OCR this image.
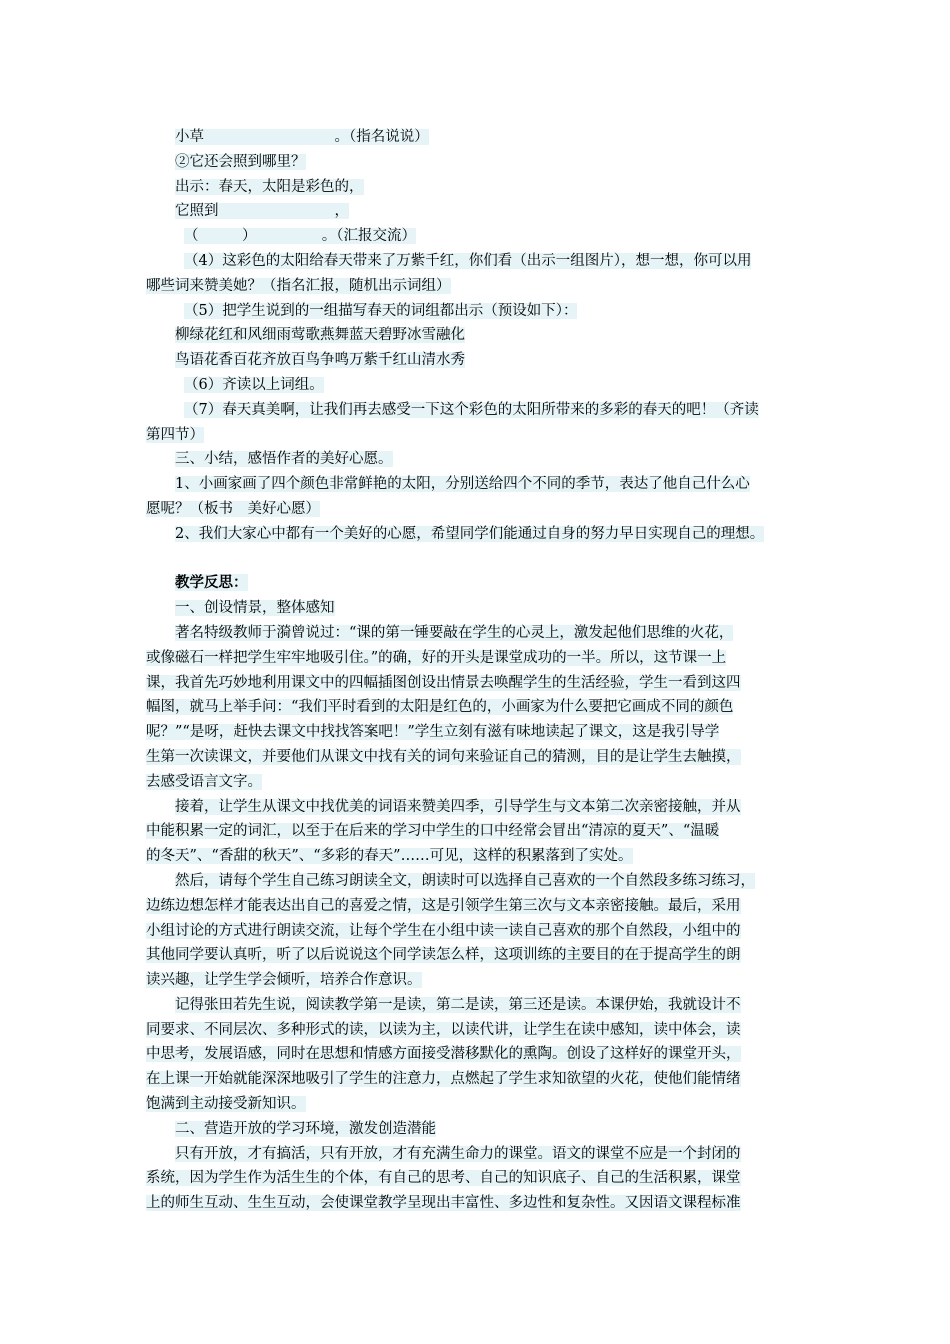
小草　　　　　　　　　。（指名说说）
②它还会照到哪里？
出示：春天，太阳是彩色的，
它照到　　　　　　　　，
（　　　）　　　　　。（汇报交流）
（4）这彩色的太阳给春天带来了万紫千红，你们看（出示一组图片），想一想，你可以用
哪些词来赞美她？（指名汇报，随机出示词组）
（5）把学生说到的一组描写春天的词组都出示（预设如下）：
柳绿花红和风细雨莺歌燕舞蓝天碧野冰雪融化
鸟语花香百花齐放百鸟争鸣万紫千红山清水秀
（6）齐读以上词组。
（7）春天真美啊，让我们再去感受一下这个彩色的太阳所带来的多彩的春天的吧！（齐读
第四节）
三、小结，感悟作者的美好心愿。
1、小画家画了四个颜色非常鲜艳的太阳，分别送给四个不同的季节，表达了他自己什么心
愿呢？（板书　美好心愿）
2、我们大家心中都有一个美好的心愿，希望同学们能通过自身的努力早日实现自己的理想。
教学反思：
一、创设情景，整体感知
著名特级教师于漪曾说过：“课的第一锤要敲在学生的心灵上，激发起他们思维的火花，
或像磁石一样把学生牢牢地吸引住。”的确，好的开头是课堂成功的一半。所以，这节课一上
课，我首先巧妙地利用课文中的四幅插图创设出情景去唤醒学生的生活经验，学生一看到这四
幅图，就马上举手问：“我们平时看到的太阳是红色的，小画家为什么要把它画成不同的颜色
呢？”“是呀，赶快去课文中找找答案吧！”学生立刻有滋有味地读起了课文，这是我引导学
生第一次读课文，并要他们从课文中找有关的词句来验证自己的猜测，目的是让学生去触摸，
去感受语言文字。
接着，让学生从课文中找优美的词语来赞美四季，引导学生与文本第二次亲密接触，并从
中能积累一定的词汇，以至于在后来的学习中学生的口中经常会冒出“清凉的夏天”、“温暖
的冬天”、“香甜的秋天”、“多彩的春天”……可见，这样的积累落到了实处。
然后，请每个学生自己练习朗读全文，朗读时可以选择自己喜欢的一个自然段多练习练习，
边练边想怎样才能表达出自己的喜爱之情，这是引领学生第三次与文本亲密接触。最后，采用
小组讨论的方式进行朗读交流，让每个学生在小组中读一读自己喜欢的那个自然段，小组中的
其他同学要认真听，听了以后说说这个同学读怎么样，这项训练的主要目的在于提高学生的朗
读兴趣，让学生学会倾听，培养合作意识。
记得张田若先生说，阅读教学第一是读，第二是读，第三还是读。本课伊始，我就设计不
同要求、不同层次、多种形式的读，以读为主，以读代讲，让学生在读中感知，读中体会，读
中思考，发展语感，同时在思想和情感方面接受潜移默化的熏陶。创设了这样好的课堂开头，
在上课一开始就能深深地吸引了学生的注意力，点燃起了学生求知欲望的火花，使他们能情绪
饱满到主动接受新知识。
二、营造开放的学习环境，激发创造潜能
只有开放，才有搞活，只有开放，才有充满生命力的课堂。语文的课堂不应是一个封闭的
系统，因为学生作为活生生的个体，有自己的思考、自己的知识底子、自己的生活积累，课堂
上的师生互动、生生互动，会使课堂教学呈现出丰富性、多边性和复杂性。又因语文课程标准
